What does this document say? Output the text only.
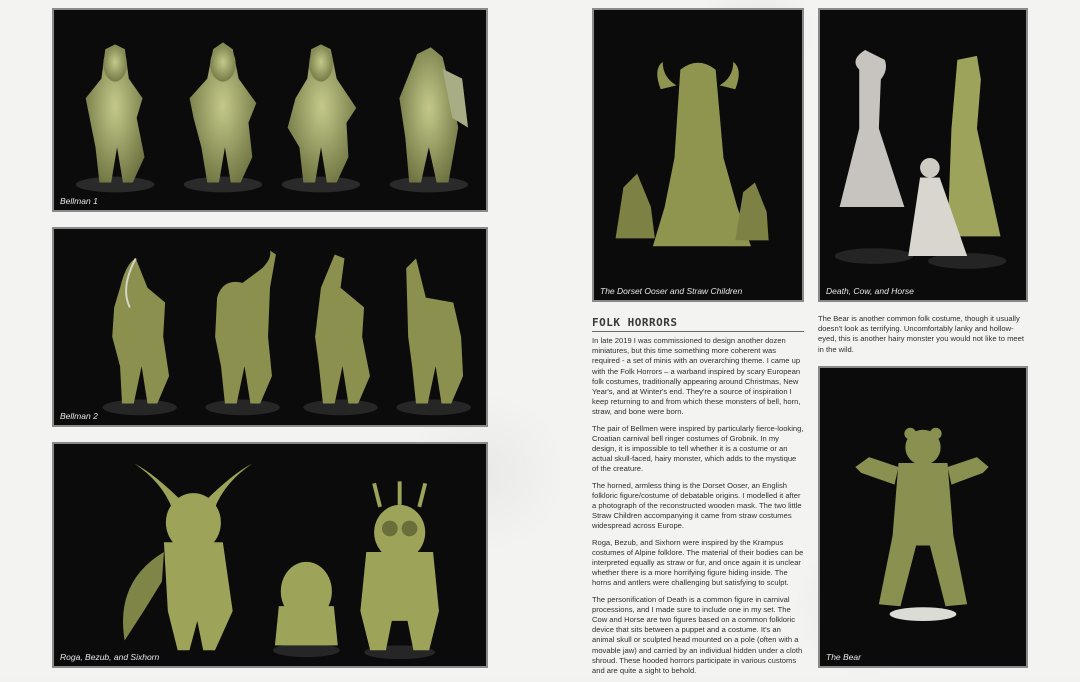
Bellman 1
Bellman 2
Roga, Bezub, and Sixhorn
The Dorset Ooser and Straw Children	Death, Cow, and Horse
The Bear
FOLK HORRORS

In late 2019 I was commissioned to design another dozen miniatures, but this time something more coherent was required - a set of minis with an overarching theme. I came up with the Folk Horrors – a warband inspired by scary European folk costumes, traditionally appearing around Christmas, New Year's, and at Winter's end. They're a source of inspiration I keep returning to and from which these monsters of bell, horn, straw, and bone were born.

The pair of Bellmen were inspired by particularly fierce-looking, Croatian carnival bell ringer costumes of Grobnik. In my design, it is impossible to tell whether it is a costume or an actual skull-faced, hairy monster, which adds to the mystique of the creature.

The horned, armless thing is the Dorset Ooser, an English folkloric figure/costume of debatable origins. I modelled it after a photograph of the reconstructed wooden mask. The two little Straw Children accompanying it came from straw costumes widespread across Europe.

Roga, Bezub, and Sixhorn were inspired by the Krampus costumes of Alpine folklore. The material of their bodies can be interpreted equally as straw or fur, and once again it is unclear whether there is a more horrifying figure hiding inside. The horns and antlers were challenging but satisfying to sculpt.

The personification of Death is a common figure in carnival processions, and I made sure to include one in my set. The Cow and Horse are two figures based on a common folkloric device that sits between a puppet and a costume. It's an animal skull or sculpted head mounted on a pole (often with a movable jaw) and carried by an individual hidden under a cloth shroud. These hooded horrors participate in various customs and are quite a sight to behold.

The Bear is another common folk costume, though it usually doesn't look as terrifying. Uncomfortably lanky and hollow-eyed, this is another hairy monster you would not like to meet in the wild.
